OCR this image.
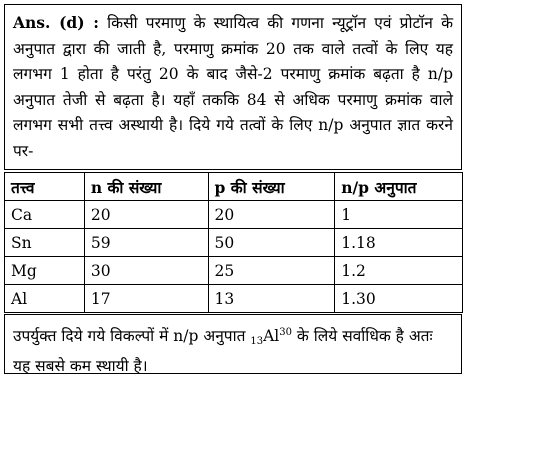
Ans. (d) : किसी परमाणु के स्थायित्व की गणना न्यूट्रॉन एवं प्रोटॉन के अनुपात द्वारा की जाती है, परमाणु क्रमांक 20 तक वाले तत्वों के लिए यह लगभग 1 होता है परंतु 20 के बाद जैसे-2 परमाणु क्रमांक बढ़ता है n/p अनुपात तेजी से बढ़ता है। यहाँ तककि 84 से अधिक परमाणु क्रमांक वाले लगभग सभी तत्त्व अस्थायी है। दिये गये तत्वों के लिए n/p अनुपात ज्ञात करने पर-
तत्त्व	n की संख्या	p की संख्या	n/p अनुपात
Ca	20	20	1
Sn	59	50	1.18
Mg	30	25	1.2
Al	17	13	1.30
उपर्युक्त दिये गये विकल्पों में n/p अनुपात $_{13}Al^{30}$ के लिये सर्वाधिक है अतः यह सबसे कम स्थायी है।
